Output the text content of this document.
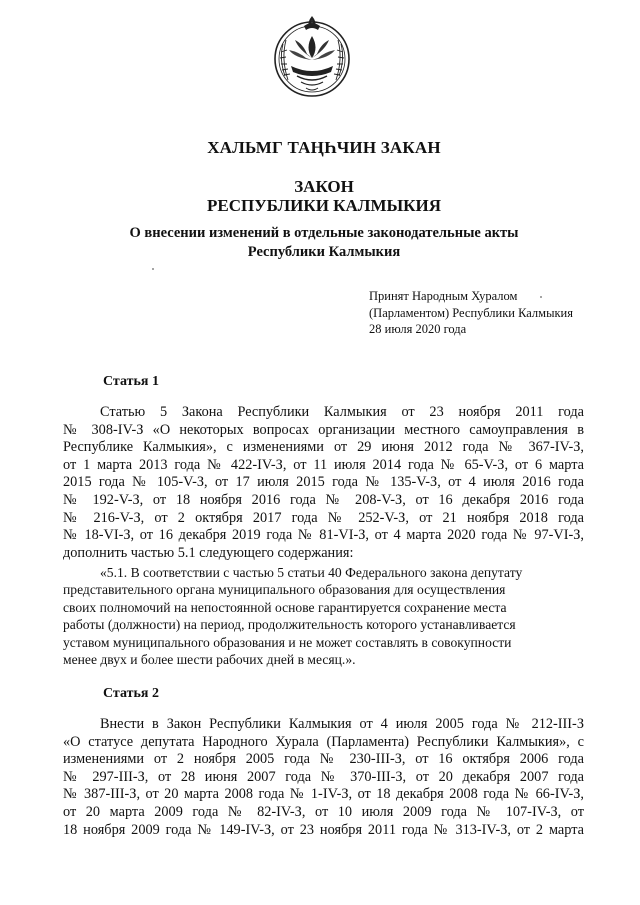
ХАЛЬМГ ТАҢҺЧИН ЗАКАН
ЗАКОН
РЕСПУБЛИКИ КАЛМЫКИЯ
О внесении изменений в отдельные законодательные акты
Республики Калмыкия
Принят Народным Хуралом
(Парламентом) Республики Калмыкия
28 июля 2020 года
Статья 1
Статью 5 Закона Республики Калмыкия от 23 ноября 2011 года
№ 308-IV-З «О некоторых вопросах организации местного самоуправления в
Республике Калмыкия», с изменениями от 29 июня 2012 года № 367-IV-З,
от 1 марта 2013 года № 422-IV-З, от 11 июля 2014 года № 65-V-З, от 6 марта
2015 года № 105-V-З, от 17 июля 2015 года № 135-V-З, от 4 июля 2016 года
№ 192-V-З, от 18 ноября 2016 года № 208-V-З, от 16 декабря 2016 года
№ 216-V-З, от 2 октября 2017 года № 252-V-З, от 21 ноября 2018 года
№ 18-VI-З, от 16 декабря 2019 года № 81-VI-З, от 4 марта 2020 года № 97-VI-З,
дополнить частью 5.1 следующего содержания:
«5.1. В соответствии с частью 5 статьи 40 Федерального закона депутату
представительного органа муниципального образования для осуществления
своих полномочий на непостоянной основе гарантируется сохранение места
работы (должности) на период, продолжительность которого устанавливается
уставом муниципального образования и не может составлять в совокупности
менее двух и более шести рабочих дней в месяц.».
Статья 2
Внести в Закон Республики Калмыкия от 4 июля 2005 года № 212-III-З
«О статусе депутата Народного Хурала (Парламента) Республики Калмыкия», с
изменениями от 2 ноября 2005 года № 230-III-З, от 16 октября 2006 года
№ 297-III-З, от 28 июня 2007 года № 370-III-З, от 20 декабря 2007 года
№ 387-III-З, от 20 марта 2008 года № 1-IV-З, от 18 декабря 2008 года № 66-IV-З,
от 20 марта 2009 года № 82-IV-З, от 10 июля 2009 года № 107-IV-З, от
18 ноября 2009 года № 149-IV-З, от 23 ноября 2011 года № 313-IV-З, от 2 марта
